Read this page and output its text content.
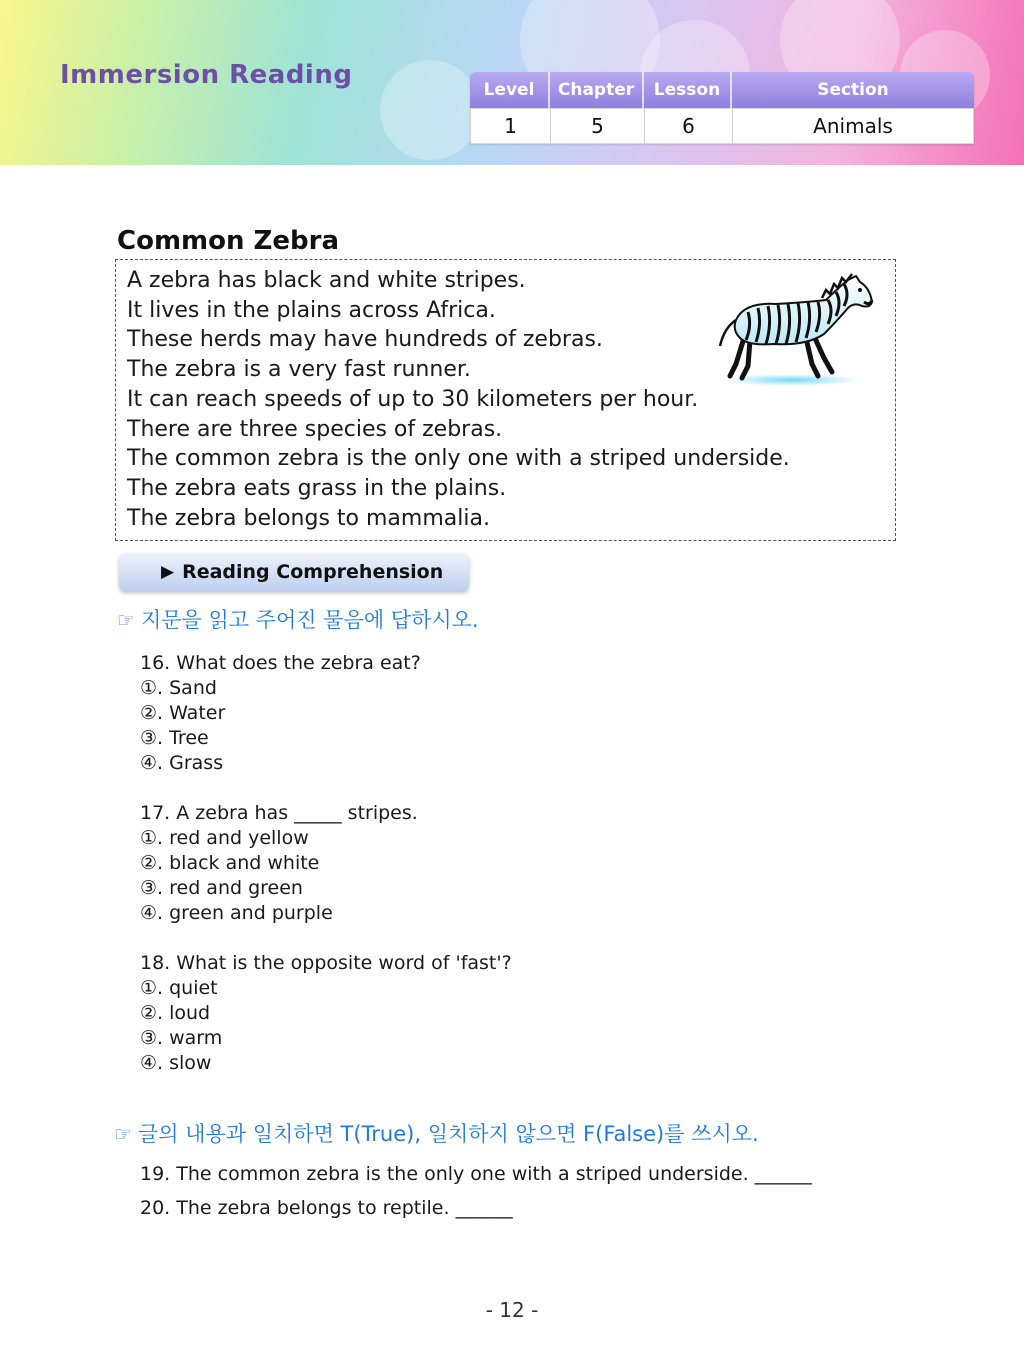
Immersion Reading	Level	Chapter	Lesson	Section
1	5	6	Animals
Common Zebra
A zebra has black and white stripes.
It lives in the plains across Africa.
These herds may have hundreds of zebras.
The zebra is a very fast runner.
It can reach speeds of up to 30 kilometers per hour.
There are three species of zebras.
The common zebra is the only one with a striped underside.
The zebra eats grass in the plains.
The zebra belongs to mammalia.
▶ Reading Comprehension
☞ 지문을 읽고 주어진 물음에 답하시오.
16. What does the zebra eat?
①. Sand
②. Water
③. Tree
④. Grass
17. A zebra has _____ stripes.
①. red and yellow
②. black and white
③. red and green
④. green and purple
18. What is the opposite word of 'fast'?
①. quiet
②. loud
③. warm
④. slow
☞ 글의 내용과 일치하면 T(True), 일치하지 않으면 F(False)를 쓰시오.
19. The common zebra is the only one with a striped underside. ______
20. The zebra belongs to reptile. ______
- 12 -
